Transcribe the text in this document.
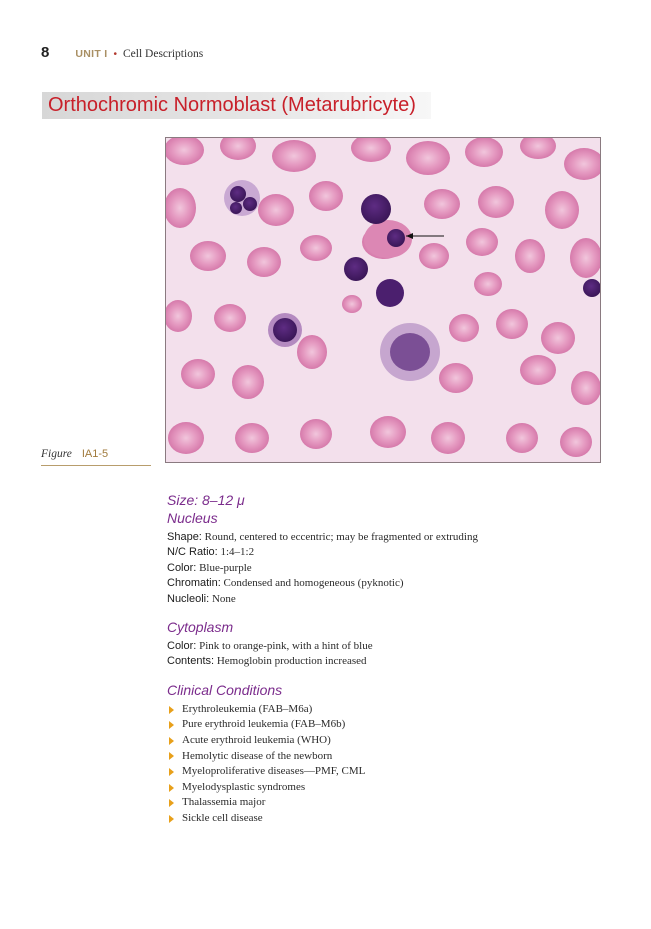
8 UNIT I • Cell Descriptions
Orthochromic Normoblast (Metarubricyte)
Figure IA1-5
Size: 8–12 μ
Nucleus
Shape: Round, centered to eccentric; may be fragmented or extruding
N/C Ratio: 1:4–1:2
Color: Blue-purple
Chromatin: Condensed and homogeneous (pyknotic)
Nucleoli: None
Cytoplasm
Color: Pink to orange-pink, with a hint of blue
Contents: Hemoglobin production increased
Clinical Conditions
Erythroleukemia (FAB–M6a)
Pure erythroid leukemia (FAB–M6b)
Acute erythroid leukemia (WHO)
Hemolytic disease of the newborn
Myeloproliferative diseases—PMF, CML
Myelodysplastic syndromes
Thalassemia major
Sickle cell disease
